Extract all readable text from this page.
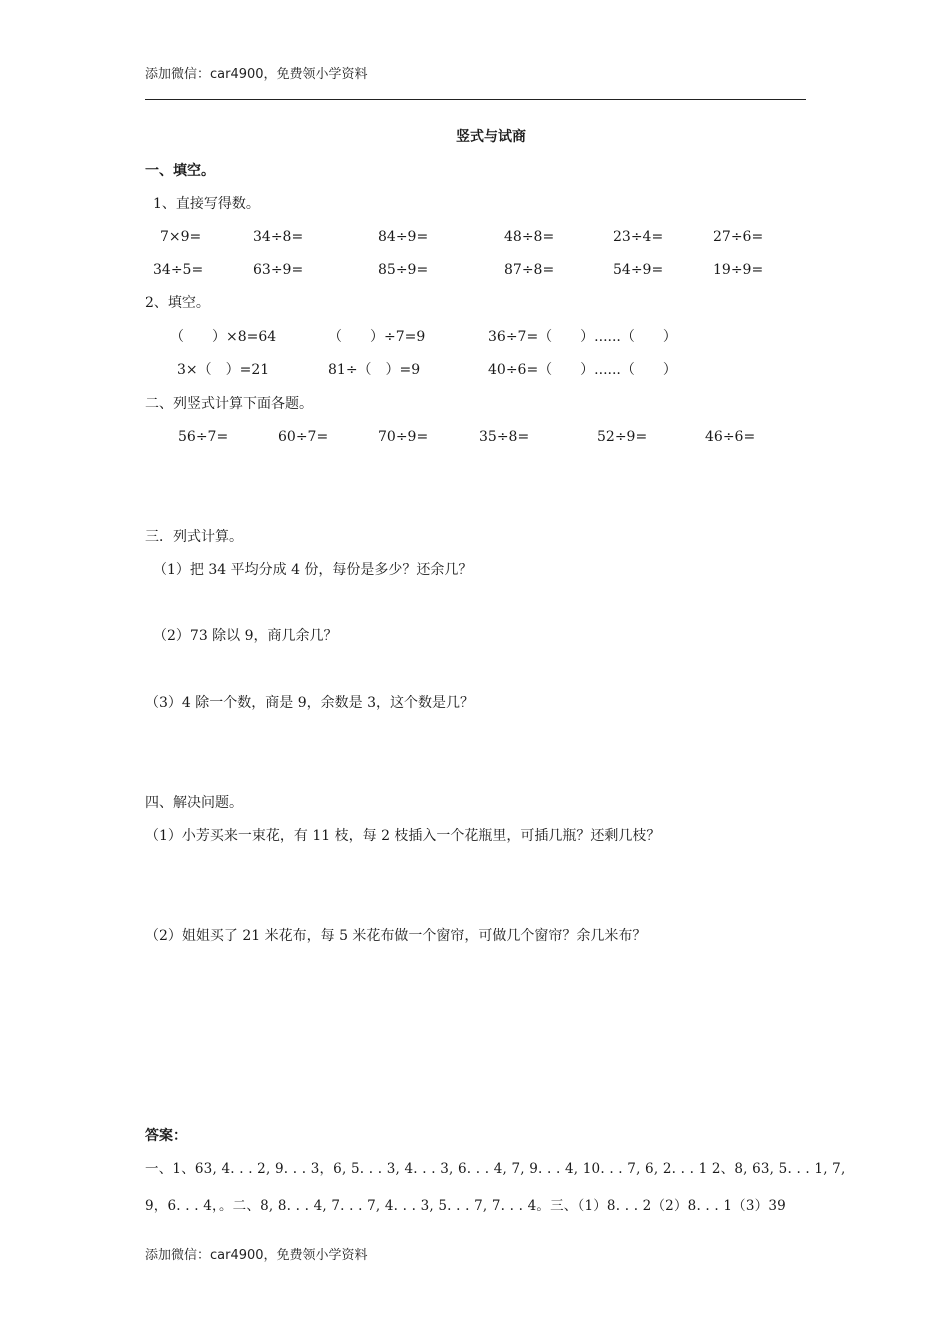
添加微信：car4900，免费领小学资料
竖式与试商
一、填空。
1、直接写得数。
7×9=	34÷8=	84÷9=	48÷8=	23÷4=	27÷6=
34÷5=	63÷9=	85÷9=	87÷8=	54÷9=	19÷9=
2、填空。
（　　）×8=64	（　　）÷7=9	36÷7=（　　）......（　　）
3×（　）=21	81÷（　）=9	40÷6=（　　）......（　　）
二、列竖式计算下面各题。
56÷7=	60÷7=	70÷9=	35÷8=	52÷9=	46÷6=
三．列式计算。
（1）把 34 平均分成 4 份，每份是多少？还余几？
（2）73 除以 9，商几余几？
（3）4 除一个数，商是 9，余数是 3，这个数是几？
四、解决问题。
（1）小芳买来一束花，有 11 枝，每 2 枝插入一个花瓶里，可插几瓶？还剩几枝？
（2）姐姐买了 21 米花布，每 5 米花布做一个窗帘，可做几个窗帘？余几米布？
答案：
一、1、63, 4. . . 2, 9. . . 3，6, 5. . . 3, 4. . . 3, 6. . . 4, 7, 9. . . 4, 10. . . 7, 6, 2. . . 1 2、8, 63, 5. . . 1, 7,
9，6. . . 4，。二、8, 8. . . 4, 7. . . 7, 4. . . 3, 5. . . 7, 7. . . 4。三、（1）8. . . 2（2）8. . . 1（3）39
添加微信：car4900，免费领小学资料
